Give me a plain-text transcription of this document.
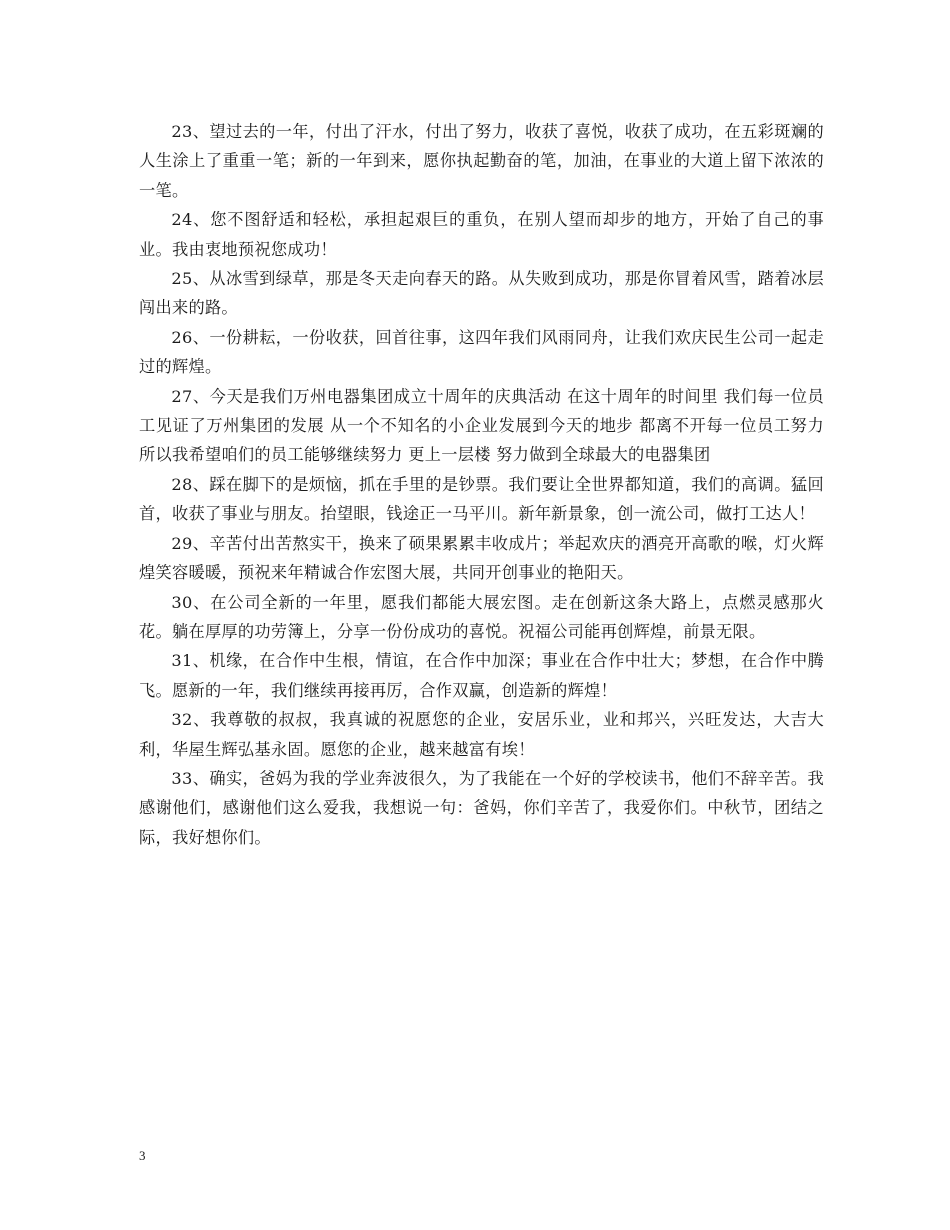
23、望过去的一年，付出了汗水，付出了努力，收获了喜悦，收获了成功，在五彩斑斓的人生涂上了重重一笔；新的一年到来，愿你执起勤奋的笔，加油，在事业的大道上留下浓浓的一笔。

24、您不图舒适和轻松，承担起艰巨的重负，在别人望而却步的地方，开始了自己的事业。我由衷地预祝您成功！

25、从冰雪到绿草，那是冬天走向春天的路。从失败到成功，那是你冒着风雪，踏着冰层闯出来的路。

26、一份耕耘，一份收获，回首往事，这四年我们风雨同舟，让我们欢庆民生公司一起走过的辉煌。

27、今天是我们万州电器集团成立十周年的庆典活动 在这十周年的时间里 我们每一位员工见证了万州集团的发展 从一个不知名的小企业发展到今天的地步 都离不开每一位员工努力 所以我希望咱们的员工能够继续努力 更上一层楼 努力做到全球最大的电器集团

28、踩在脚下的是烦恼，抓在手里的是钞票。我们要让全世界都知道，我们的高调。猛回首，收获了事业与朋友。抬望眼，钱途正一马平川。新年新景象，创一流公司，做打工达人！

29、辛苦付出苦熬实干，换来了硕果累累丰收成片；举起欢庆的酒亮开高歌的喉，灯火辉煌笑容暖暖，预祝来年精诚合作宏图大展，共同开创事业的艳阳天。

30、在公司全新的一年里，愿我们都能大展宏图。走在创新这条大路上，点燃灵感那火花。躺在厚厚的功劳簿上，分享一份份成功的喜悦。祝福公司能再创辉煌，前景无限。

31、机缘，在合作中生根，情谊，在合作中加深；事业在合作中壮大；梦想，在合作中腾飞。愿新的一年，我们继续再接再厉，合作双赢，创造新的辉煌！

32、我尊敬的叔叔，我真诚的祝愿您的企业，安居乐业，业和邦兴，兴旺发达，大吉大利，华屋生辉弘基永固。愿您的企业，越来越富有埃！

33、确实，爸妈为我的学业奔波很久，为了我能在一个好的学校读书，他们不辞辛苦。我感谢他们，感谢他们这么爱我，我想说一句：爸妈，你们辛苦了，我爱你们。中秋节，团结之际，我好想你们。

3
